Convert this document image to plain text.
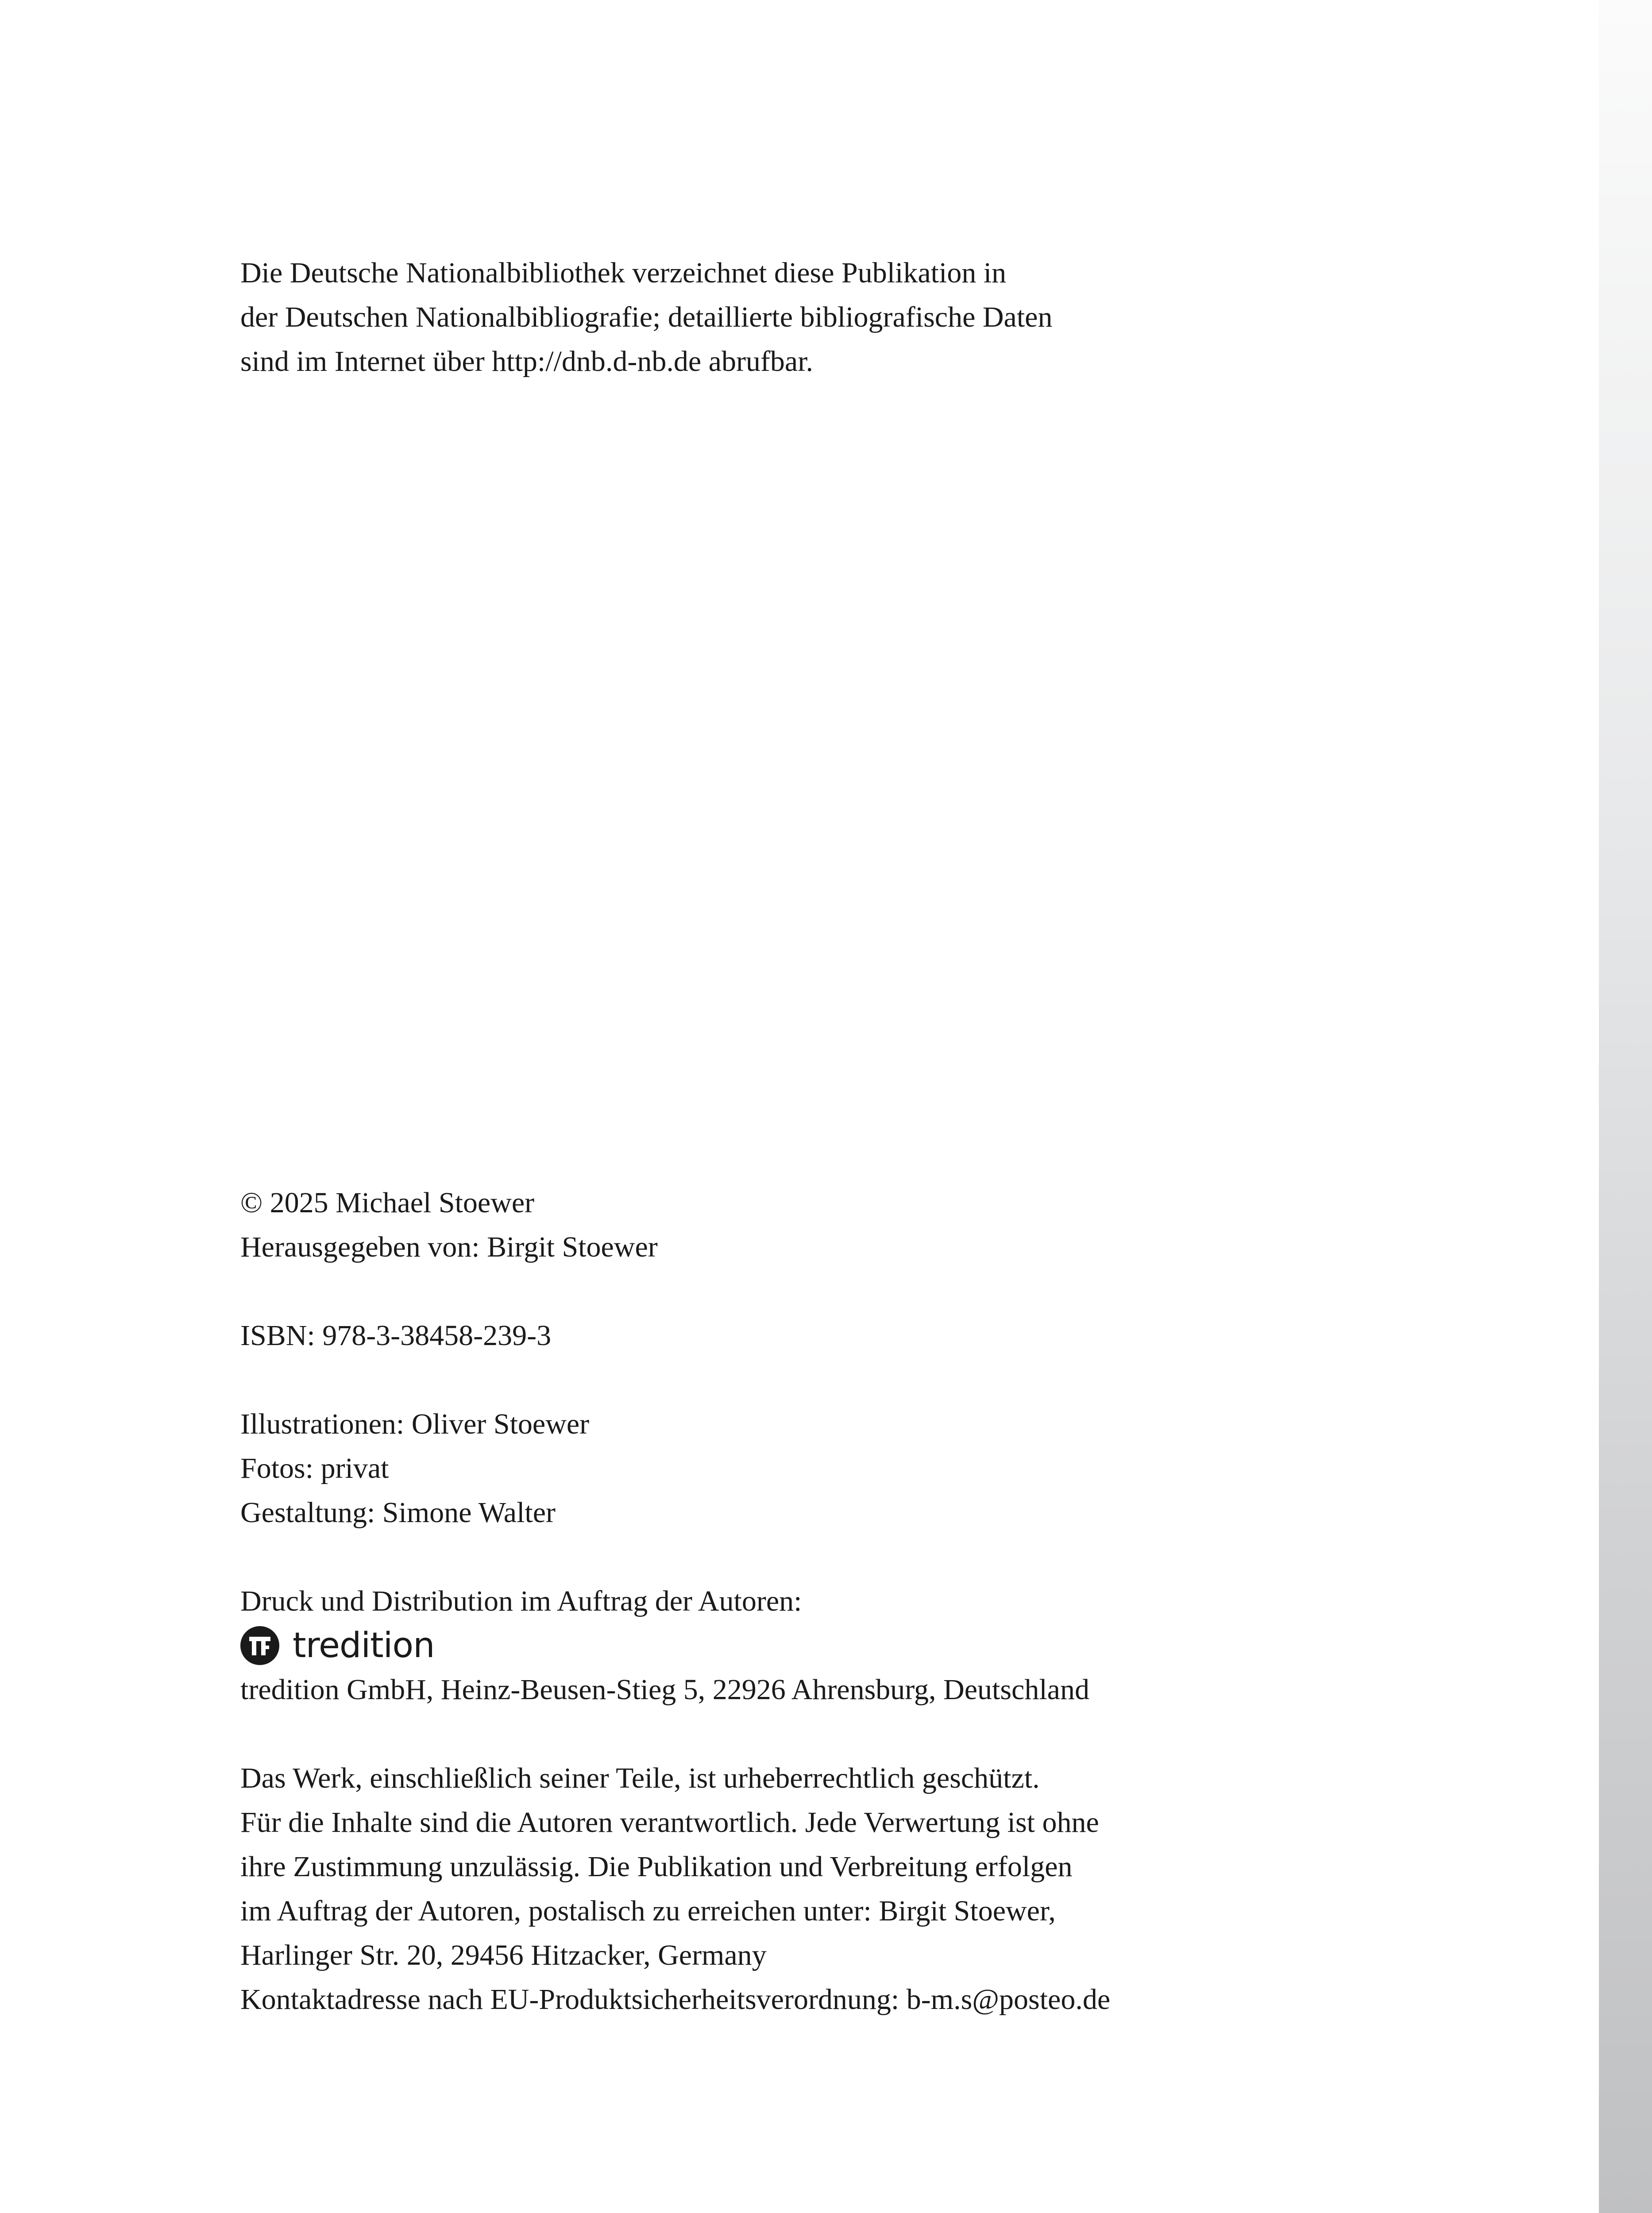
Die Deutsche Nationalbibliothek verzeichnet diese Publikation in
der Deutschen Nationalbibliografie; detaillierte bibliografische Daten
sind im Internet über http://dnb.d-nb.de abrufbar.
© 2025 Michael Stoewer
Herausgegeben von: Birgit Stoewer
ISBN: 978-3-38458-239-3
Illustrationen: Oliver Stoewer
Fotos: privat
Gestaltung: Simone Walter
Druck und Distribution im Auftrag der Autoren:
tredition
tredition GmbH, Heinz-Beusen-Stieg 5, 22926 Ahrensburg, Deutschland
Das Werk, einschließlich seiner Teile, ist urheberrechtlich geschützt.
Für die Inhalte sind die Autoren verantwortlich. Jede Verwertung ist ohne
ihre Zustimmung unzulässig. Die Publikation und Verbreitung erfolgen
im Auftrag der Autoren, postalisch zu erreichen unter: Birgit Stoewer,
Harlinger Str. 20, 29456 Hitzacker, Germany
Kontaktadresse nach EU-Produktsicherheitsverordnung: b-m.s@posteo.de
